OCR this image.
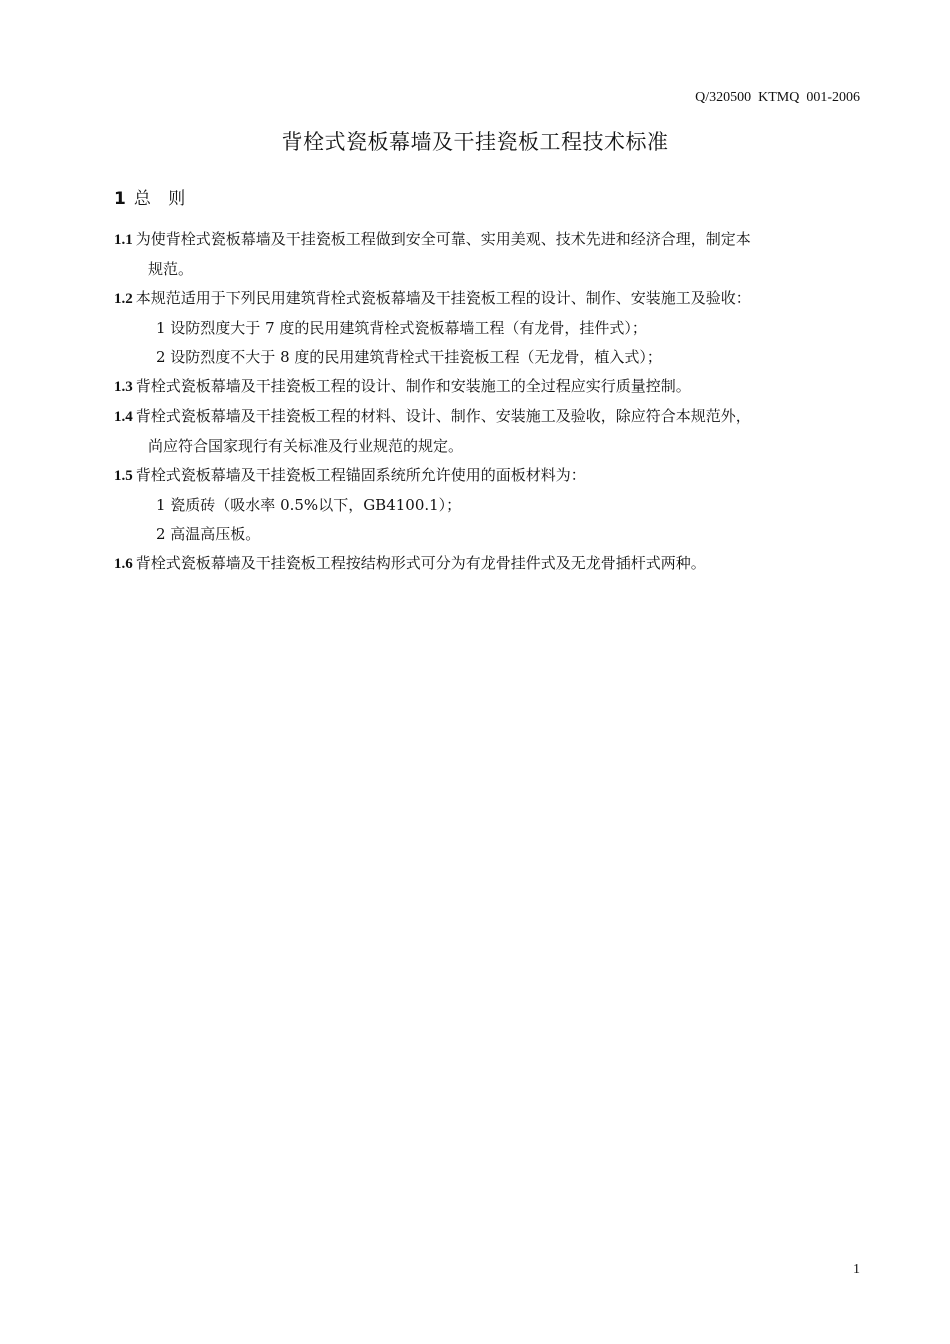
Q/320500  KTMQ  001-2006
背栓式瓷板幕墙及干挂瓷板工程技术标准
1 总 则

1.1 为使背栓式瓷板幕墙及干挂瓷板工程做到安全可靠、实用美观、技术先进和经济合理，制定本
规范。

1.2 本规范适用于下列民用建筑背栓式瓷板幕墙及干挂瓷板工程的设计、制作、安装施工及验收：

1 设防烈度大于 7 度的民用建筑背栓式瓷板幕墙工程（有龙骨，挂件式）；

2 设防烈度不大于 8 度的民用建筑背栓式干挂瓷板工程（无龙骨，植入式）；

1.3 背栓式瓷板幕墙及干挂瓷板工程的设计、制作和安装施工的全过程应实行质量控制。

1.4 背栓式瓷板幕墙及干挂瓷板工程的材料、设计、制作、安装施工及验收，除应符合本规范外，
尚应符合国家现行有关标准及行业规范的规定。

1.5 背栓式瓷板幕墙及干挂瓷板工程锚固系统所允许使用的面板材料为：

1 瓷质砖（吸水率 0.5%以下，GB4100.1）；

2 高温高压板。

1.6 背栓式瓷板幕墙及干挂瓷板工程按结构形式可分为有龙骨挂件式及无龙骨插杆式两种。

1
